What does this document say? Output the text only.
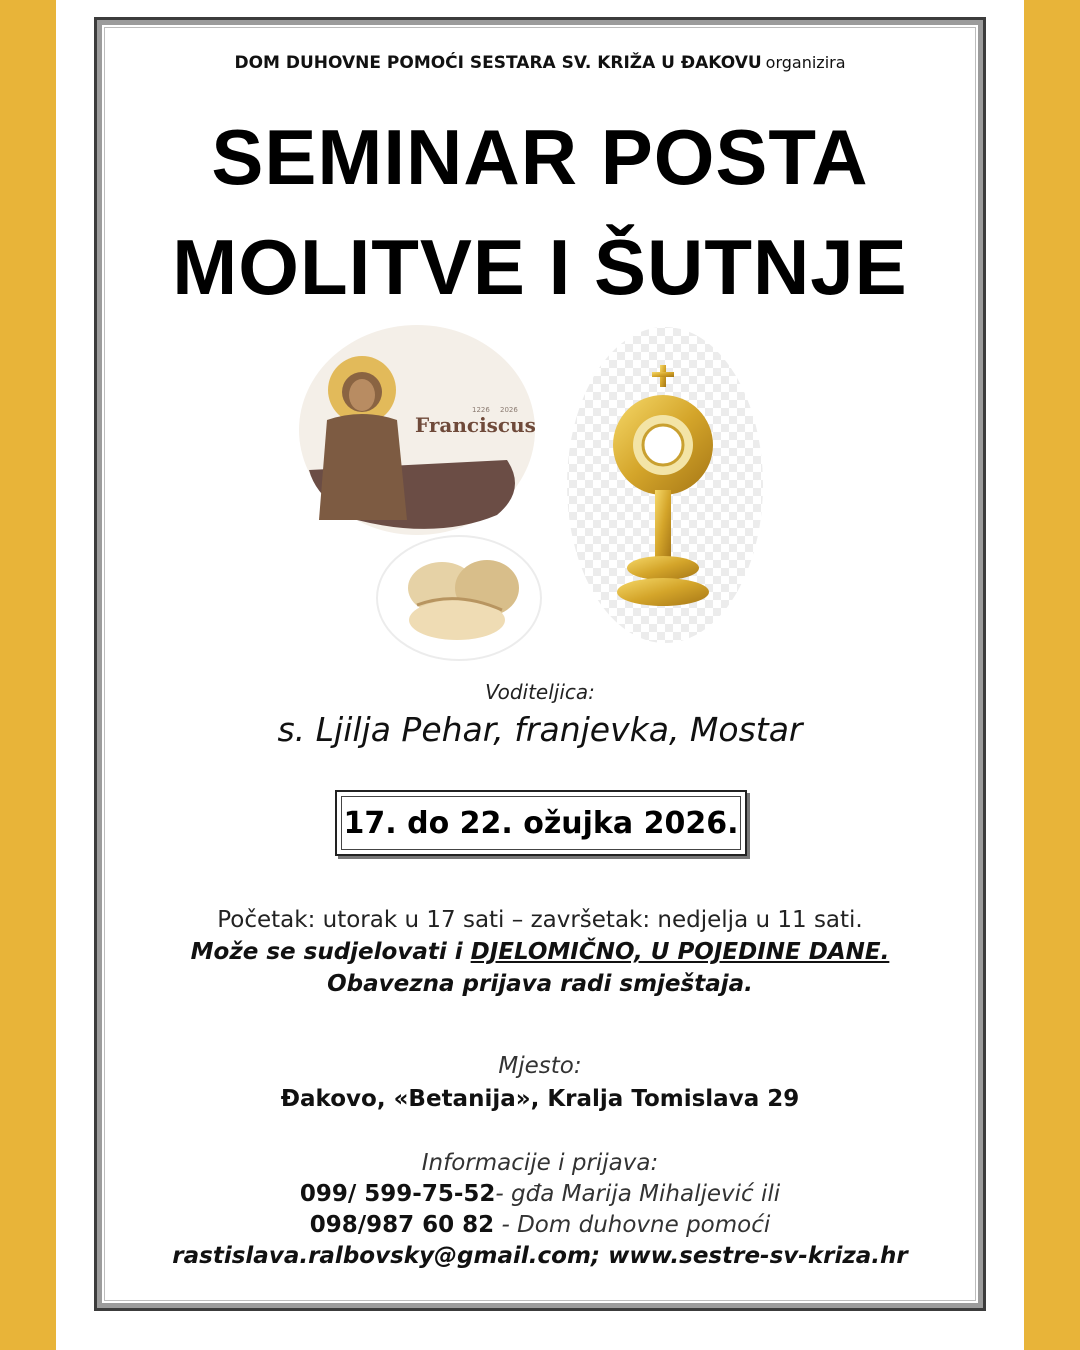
DOM DUHOVNE POMOĆI SESTARA SV. KRIŽA U ĐAKOVU organizira
SEMINAR POSTA
MOLITVE I ŠUTNJE
Franciscus
1226 2026
Voditeljica:
s. Ljilja Pehar, franjevka, Mostar
17. do 22. ožujka 2026.
Početak: utorak u 17 sati – završetak: nedjelja u 11 sati.
Može se sudjelovati i DJELOMIČNO, U POJEDINE DANE.
Obavezna prijava radi smještaja.
Mjesto:
Đakovo, «Betanija», Kralja Tomislava 29
Informacije i prijava:
099/ 599-75-52- gđa Marija Mihaljević ili
098/987 60 82 - Dom duhovne pomoći
rastislava.ralbovsky@gmail.com; www.sestre-sv-kriza.hr
